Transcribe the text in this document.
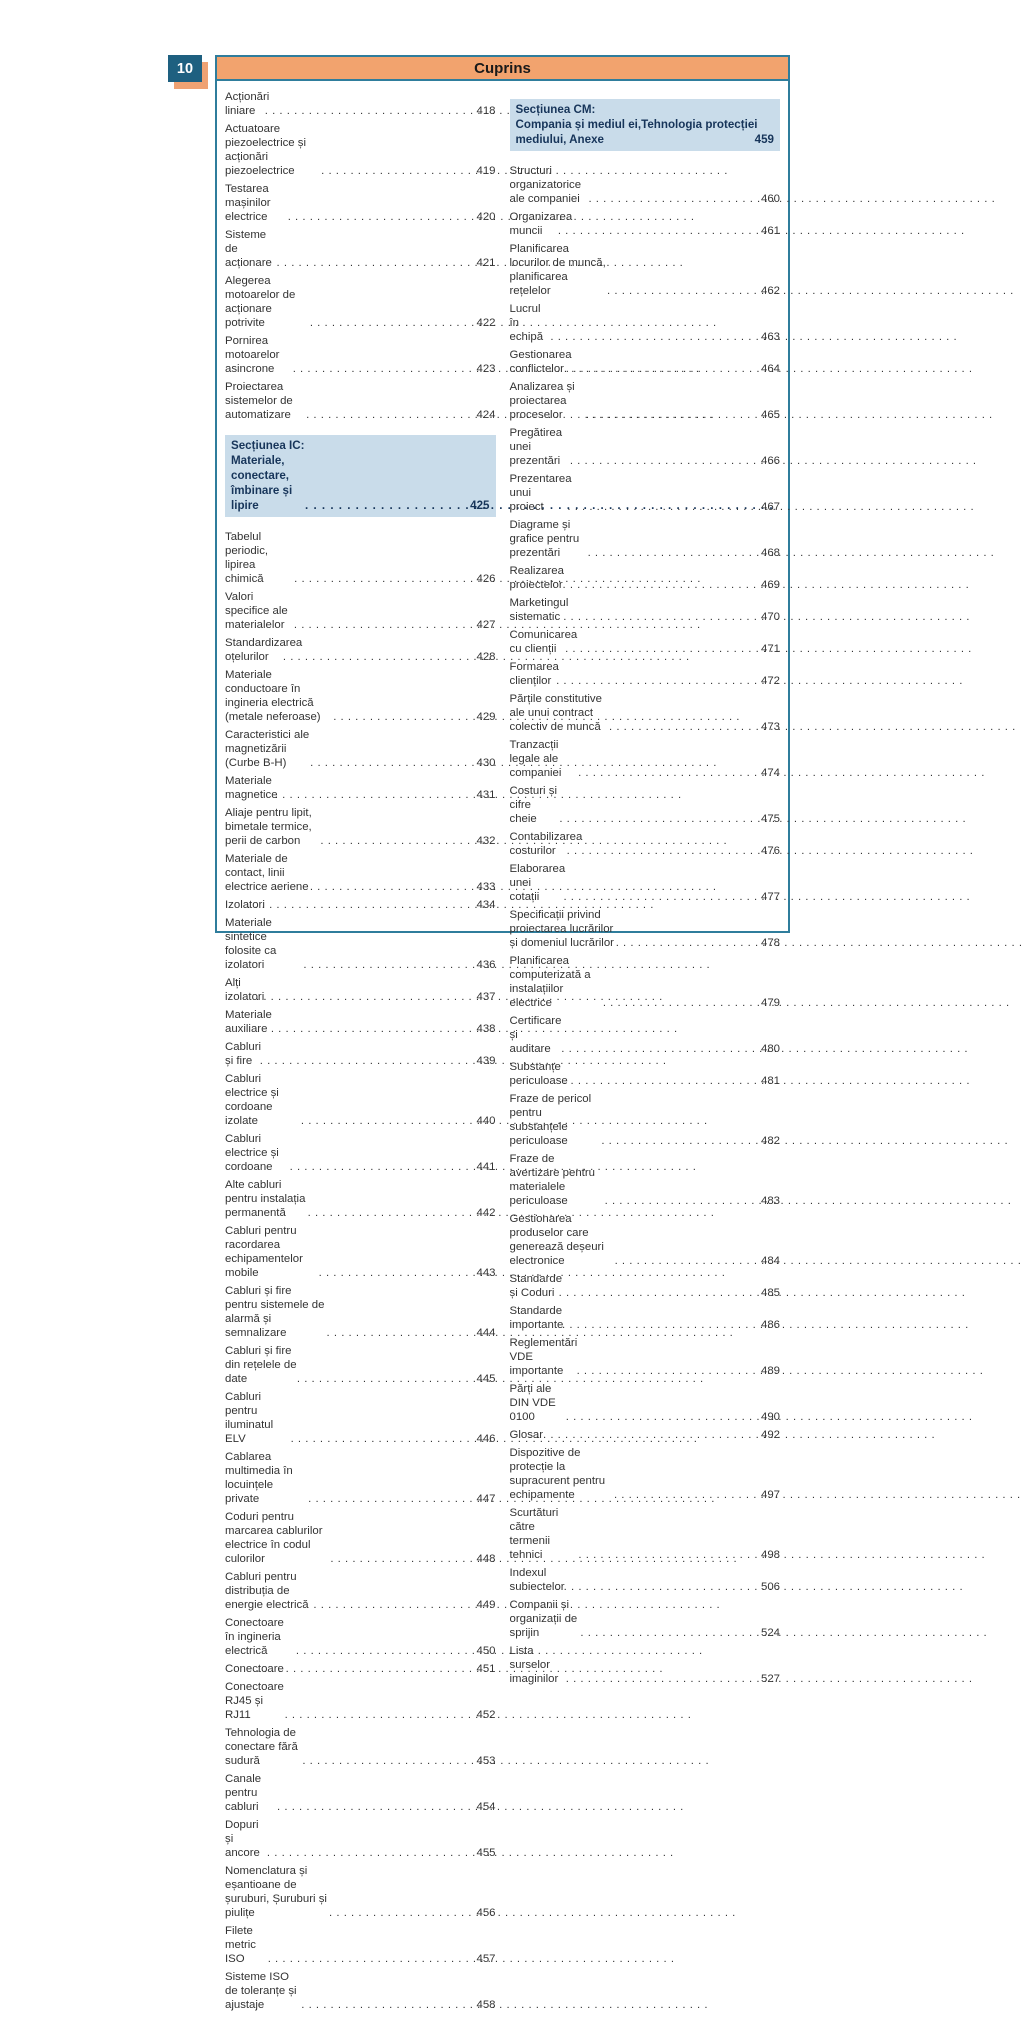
10	Cuprins
Acționări liniare . . .	418
Actuatoare piezoelectrice și acționări piezoelectrice . . .	419
Testarea mașinilor electrice . . .	420
Sisteme de acționare . . .	421
Alegerea motoarelor de acționare potrivite . . .	422
Pornirea motoarelor asincrone . . .	423
Proiectarea sistemelor de automatizare . . .	424
Secțiunea IC:
Materiale, conectare, îmbinare și lipire . . .	425
Tabelul periodic, lipirea chimică . . .	426
Valori specifice ale materialelor . . .	427
Standardizarea oțelurilor . . .	428
Materiale conductoare în ingineria electrică (metale neferoase) . . .	429
Caracteristici ale magnetizării (Curbe B-H) . . .	430
Materiale magnetice . . .	431
Aliaje pentru lipit, bimetale termice, perii de carbon . . .	432
Materiale de contact, linii electrice aeriene . . .	433
Izolatori . . .	434
Materiale sintetice folosite ca izolatori . . .	436
Alți izolatori . . .	437
Materiale auxiliare . . .	438
Cabluri și fire . . .	439
Cabluri electrice și cordoane izolate . . .	440
Cabluri electrice și cordoane . . .	441
Alte cabluri pentru instalația permanentă . . .	442
Cabluri pentru racordarea echipamentelor mobile . . .	443
Cabluri și fire pentru sistemele de alarmă și semnalizare . . .	444
Cabluri și fire din rețelele de date . . .	445
Cabluri pentru iluminatul ELV . . .	446
Cablarea multimedia în locuințele private . . .	447
Coduri pentru marcarea cablurilor electrice în codul culorilor . . .	448
Cabluri pentru distribuția de energie electrică . . .	449
Conectoare în ingineria electrică . . .	450
Conectoare . . .	451
Conectoare RJ45 și RJ11 . . .	452
Tehnologia de conectare fără sudură . . .	453
Canale pentru cabluri . . .	454
Dopuri și ancore . . .	455
Nomenclatura și eșantioane de șuruburi, Șuruburi și piulițe . . .	456
Filete metric ISO . . .	457
Sisteme ISO de toleranțe și ajustaje . . .	458
Secțiunea CM:
Compania și mediul ei,Tehnologia protecției
mediului, Anexe	459
Structuri organizatorice ale companiei . . .	460
Organizarea muncii . . .	461
Planificarea locurilor de muncă, planificarea rețelelor . . .	462
Lucrul în echipă . . .	463
Gestionarea conflictelor . . .	464
Analizarea și proiectarea proceselor . . .	465
Pregătirea unei prezentări . . .	466
Prezentarea unui proiect . . .	467
Diagrame și grafice pentru prezentări . . .	468
Realizarea proiectelor . . .	469
Marketingul sistematic . . .	470
Comunicarea cu clienții . . .	471
Formarea clienților . . .	472
Părțile constitutive ale unui contract colectiv de muncă . . .	473
Tranzacții legale ale companiei . . .	474
Costuri și cifre cheie . . .	475
Contabilizarea costurilor . . .	476
Elaborarea unei cotații . . .	477
Specificații privind proiectarea lucrărilor și domeniul lucrărilor . . .	478
Planificarea computerizată a instalațiilor electrice . . .	479
Certificare și auditare . . .	480
Substanțe periculoase . . .	481
Fraze de pericol pentru substanțele periculoase . . .	482
Fraze de avertizare pentru materialele periculoase . . .	483
Gestionarea produselor care generează deșeuri electronice . . .	484
Standarde și Coduri . . .	485
Standarde importante . . .	486
Reglementări VDE importante . . .	489
Părți ale DIN VDE 0100 . . .	490
Glosar . . .	492
Dispozitive de protecție la supracurent pentru echipamente . . .	497
Scurtături către termenii tehnici . . .	498
Indexul subiectelor . . .	506
Companii și organizații de sprijin . . .	524
Lista surselor imaginilor . . .	527
